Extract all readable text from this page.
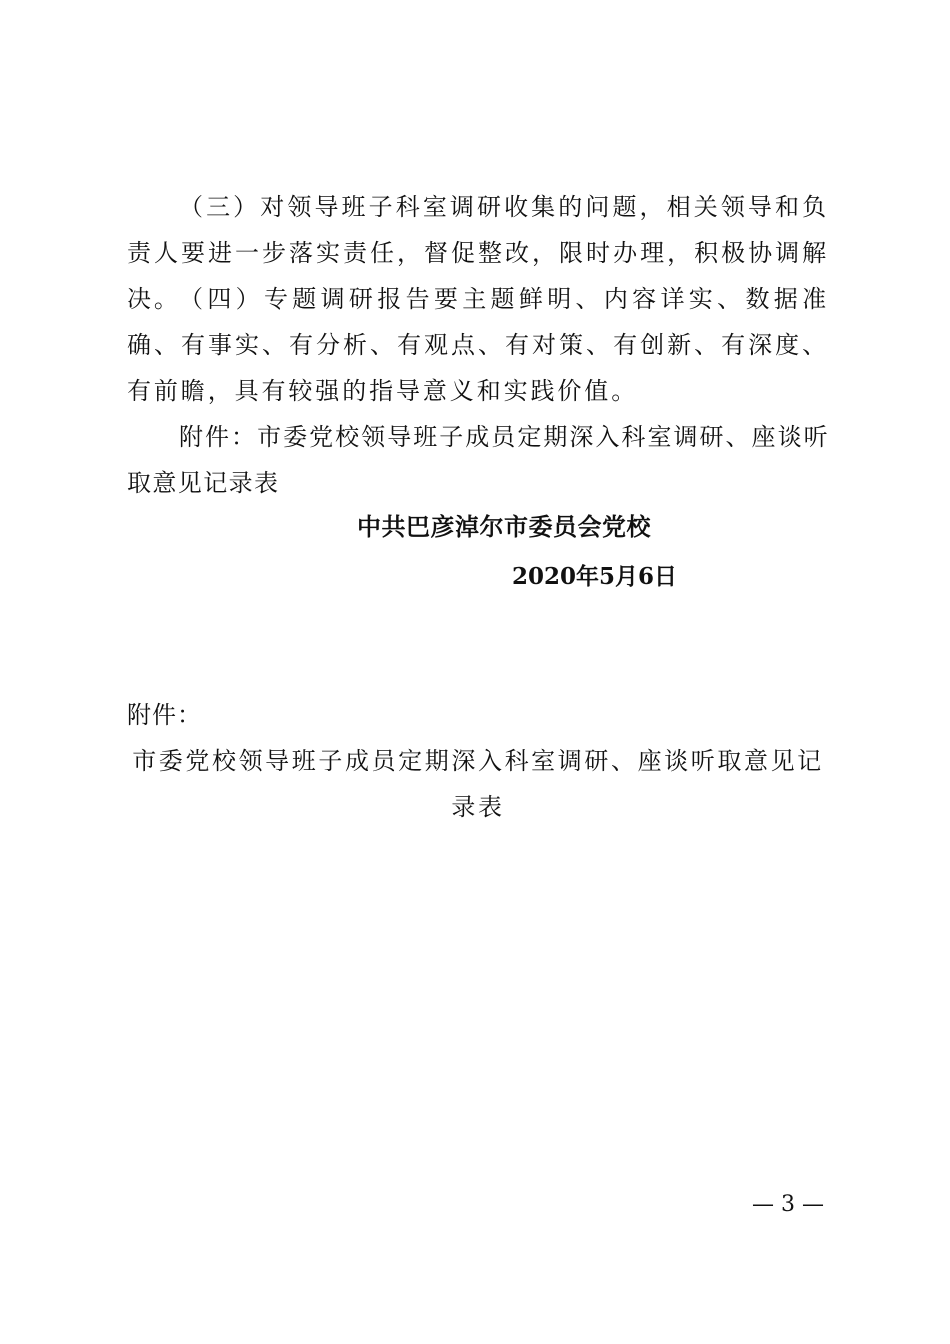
（三）对领导班子科室调研收集的问题，相关领导和负责人要进一步落实责任，督促整改，限时办理，积极协调解决。

（四）专题调研报告要主题鲜明、内容详实、数据准确、有事实、有分析、有观点、有对策、有创新、有深度、有前瞻，具有较强的指导意义和实践价值。

附件：市委党校领导班子成员定期深入科室调研、座谈听取意见记录表

中共巴彦淖尔市委员会党校
2020年5月6日
附件：

市委党校领导班子成员定期深入科室调研、座谈听取意见记录表

— 3 —
